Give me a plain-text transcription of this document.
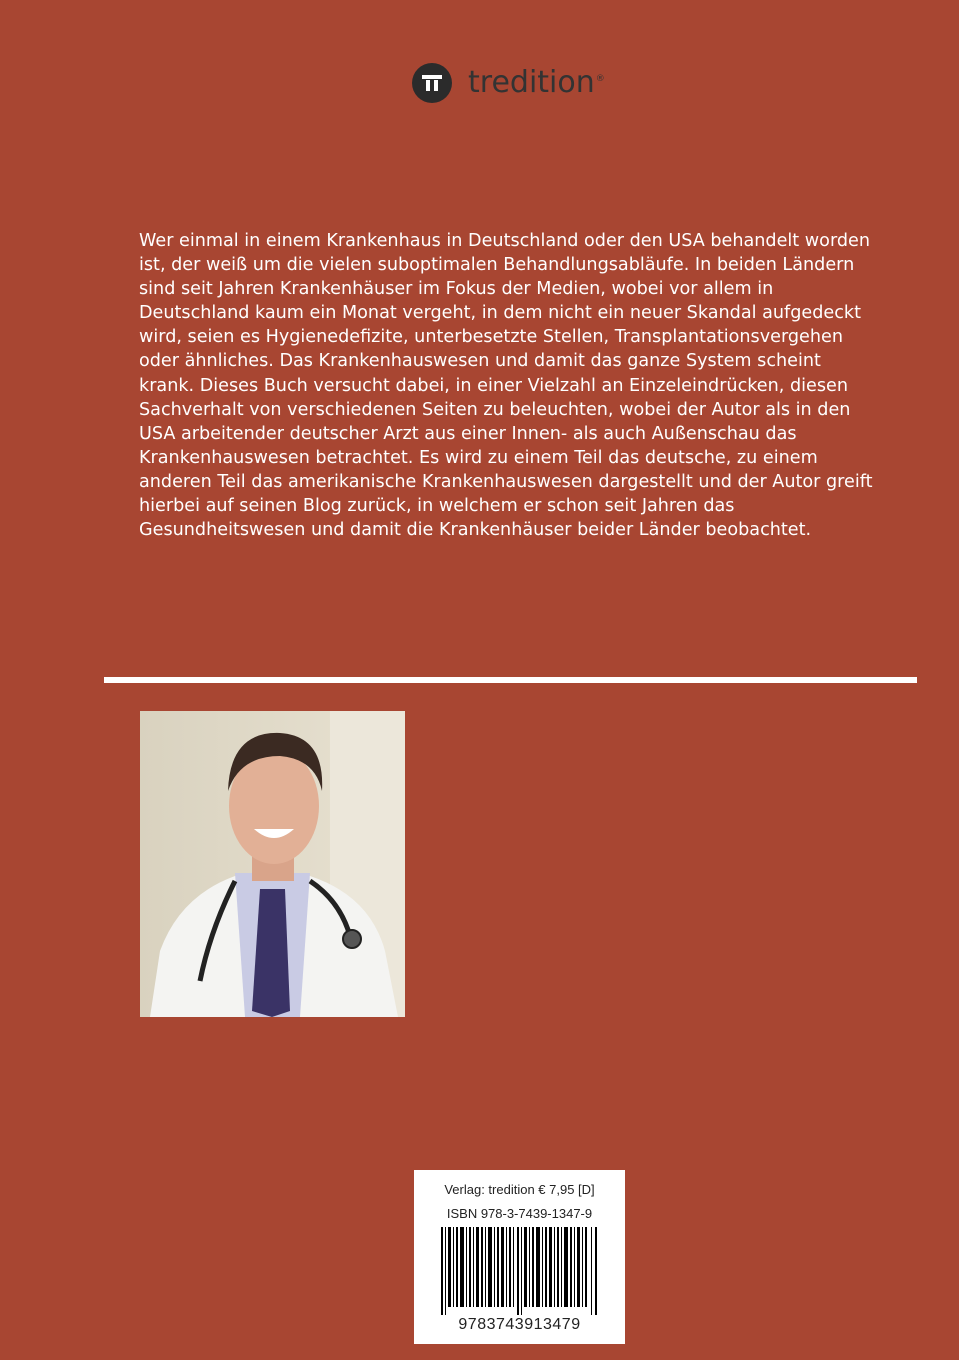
tredition®

Wer einmal in einem Krankenhaus in Deutschland oder den USA behandelt worden ist, der weiß um die vielen suboptimalen Behandlungsabläufe. In beiden Ländern sind seit Jahren Krankenhäuser im Fokus der Medien, wobei vor allem in Deutschland kaum ein Monat vergeht, in dem nicht ein neuer Skandal aufgedeckt wird, seien es Hygienedefizite, unterbesetzte Stellen, Transplantationsvergehen oder ähnliches. Das Krankenhauswesen und damit das ganze System scheint krank. Dieses Buch versucht dabei, in einer Vielzahl an Einzeleindrücken, diesen Sachverhalt von verschiedenen Seiten zu beleuchten, wobei der Autor als in den USA arbeitender deutscher Arzt aus einer Innen- als auch Außenschau das Krankenhauswesen betrachtet. Es wird zu einem Teil das deutsche, zu einem anderen Teil das amerikanische Krankenhauswesen dargestellt und der Autor greift hierbei auf seinen Blog zurück, in welchem er schon seit Jahren das Gesundheitswesen und damit die Krankenhäuser beider Länder beobachtet.

Verlag: tredition € 7,95 [D]
ISBN 978-3-7439-1347-9
9783743913479
